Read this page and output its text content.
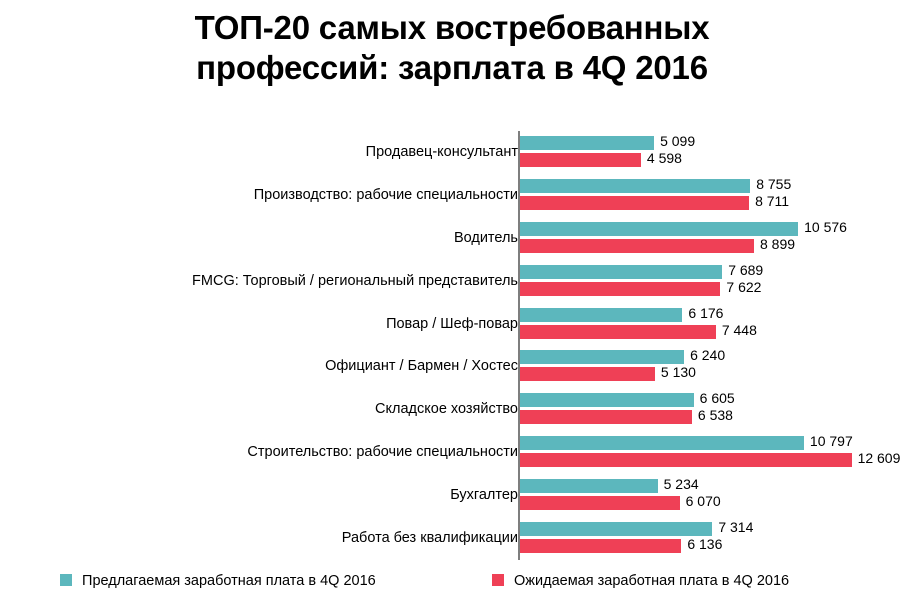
ТОП-20 самых востребованных
профессий: зарплата в 4Q 2016
Продавец-консультант
5 099
4 598
Производство: рабочие специальности
8 755
8 711
Водитель
10 576
8 899
FMCG: Торговый / региональный представитель
7 689
7 622
Повар / Шеф-повар
6 176
7 448
Официант / Бармен / Хостес
6 240
5 130
Складское хозяйство
6 605
6 538
Строительство: рабочие специальности
10 797
12 609
Бухгалтер
5 234
6 070
Работа без квалификации
7 314
6 136
Предлагаемая заработная плата в 4Q 2016	Ожидаемая заработная плата в 4Q 2016
